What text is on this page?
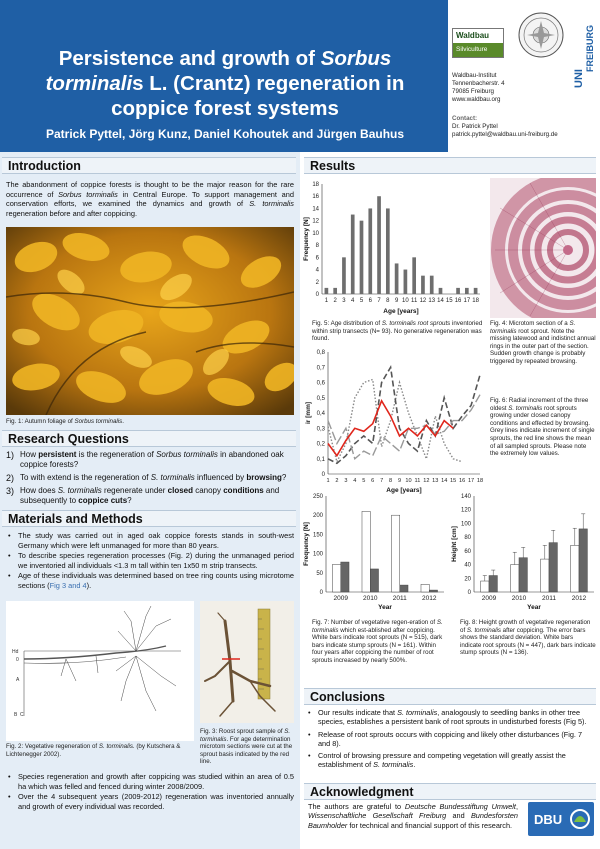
Persistence and growth of Sorbus
torminalis L. (Crantz) regeneration in
coppice forest systems
Patrick Pyttel, Jörg Kunz, Daniel Kohoutek and Jürgen Bauhus
Waldbau
Silviculture
UNI
FREIBURG
Waldbau-Institut
Tennenbacherstr. 4
79085 Freiburg
www.waldbau.org
Contact:
Dr. Patrick Pyttel
patrick.pyttel@waldbau.uni-freiburg.de
Introduction
The abandonment of coppice forests is thought to be the major reason for the rare occurrence of Sorbus torminalis in Central Europe. To support management and conservation efforts, we examined the dynamics and growth of S. torminalis regeneration before and after coppicing.
Fig. 1: Autumn foliage of Sorbus torminalis.
Research Questions
1) How persistent is the regeneration of Sorbus torminalis in abandoned oak coppice forests?
2) To with extend is the regeneration of S. torminalis influenced by browsing?
3) How does S. torminalis regenerate under closed canopy conditions and subsequently to coppice cuts?
Materials and Methods
• The study was carried out in aged oak coppice forests stands in south-west Germany which were left unmanaged for more than 80 years.
• To describe species regeneration processes (Fig. 2) during the unmanaged period we inventoried all individuals <1.3 m tall within ten 1x50 m strip transects.
• Age of these individuals was determined based on tree ring counts using microtome sections (Fig 3 and 4).
Hd
0
A
B C
Fig. 2: Vegetative regeneration of S. torminalis. (by Kutschera & Lichtenegger 2002).
Fig. 3: Roost sprout sample of S. torminalis. For age determination microtom sections were cut at the sprout basis indicated by the red line.
• Species regeneration and growth after coppicing was studied within an area of 0.5 ha which was felled and fenced during winter 2008/2009.
• Over the 4 subsequent years (2009-2012) regeneration was inventoried annually and growth of every individual was recorded.
Results
0
2
4
6
8
10
12
14
16
18
1 2 3 4 5 6 7 8 9 10 11 12 13 14 15 16 17 18
Age [years]
Frequency [N]
Fig. 5: Age distribution of S. torminalis root sprouts inventoried within strip transects (N= 93). No generative regeneration was found.
Fig. 4: Microtom section of a S. torminalis root sprout. Note the missing latewood and indistinct annual rings in the outer part of the section. Sudden growth change is probably triggered by repeated browsing.
0
0,1
0,2
0,3
0,4
0,5
0,6
0,7
0,8
1 2 3 4 5 6 7 8 9 10 11 12 13 14 15 16 17 18
Age [years]
ir [mm]
Fig. 6: Radial increment of the three oldest S. torminalis root sprouts growing under closed canopy conditions and effected by browsing. Grey lines indicate increment of single sprouts, the red line shows the mean of all sampled sprouts. Please note the extremely low values.
0
50
100
150
200
250
2009 2010 2011 2012
Year
Frequency [N]
Fig. 7: Number of vegetative regen-eration of S. torminalis which est-ablished after coppicing. White bars indicate root sprouts (N = 515), dark bars indicate stump sprouts (N = 161). Within four years after coppicing the number of root sprouts increased by nearly 500%.
0
20
40
60
80
100
120
140
2009 2010 2011 2012
Year
Height [cm]
Fig. 8: Height growth of vegetative regeneration of S. torminalis after coppicing. The error bars shows the standard deviation. White bars indicate root sprouts (N = 447), dark bars indicate stump sprouts (N = 136).
Conclusions
• Our results indicate that S. torminalis, analogously to seedling banks in other tree species, establishes a persistent bank of root sprouts in undisturbed forests (Fig 5).
• Release of root sprouts occurs with coppicing and likely other disturbances (Fig. 7 and 8).
• Control of browsing pressure and competing vegetation will greatly assist the establishment of S. torminalis.
Acknowledgment
The authors are grateful to Deutsche Bundesstiftung Umwelt, Wissenschaftliche Gesellschaft Freiburg and Bundesforsten Baumholder for technical and financial support of this research.	DBU
